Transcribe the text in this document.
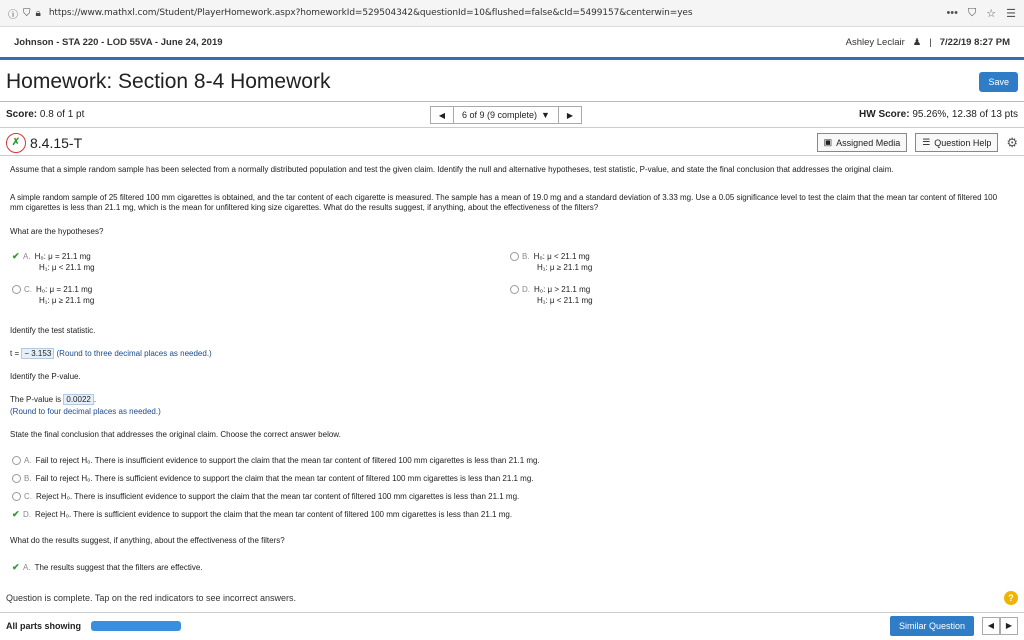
ⓘ ⛉ 🔒︎ https://www.mathxl.com/Student/PlayerHomework.aspx?homeworkId=529504342&questionId=10&flushed=false&cId=5499157&centerwin=yes	••• ⛉ ☆ ☰
Johnson - STA 220 - LOD 55VA - June 24, 2019	Ashley Leclair ♟ | 7/22/19 8:27 PM
Homework: Section 8-4 Homework	Save
Score:
0.8 of 1 pt	◀	6 of 9 (9 complete) ▼	▶	HW Score: 95.26%, 12.38 of 13 pts
✗ 8.4.15-T	▣ Assigned Media ☰ Question Help ⚙
Assume that a simple random sample has been selected from a normally distributed population and test the given claim. Identify the null and alternative hypotheses, test statistic, P-value, and state the final conclusion that addresses the original claim.
A simple random sample of 25 filtered 100 mm cigarettes is obtained, and the tar content of each cigarette is measured. The sample has a mean of 19.0 mg and a standard deviation of 3.33 mg. Use a 0.05 significance level to test the claim that the mean tar content of filtered 100 mm cigarettes is less than 21.1 mg, which is the mean for unfiltered king size cigarettes. What do the results suggest, if anything, about the effectiveness of the filters?
What are the hypotheses?
✔ A. H₀: μ = 21.1 mg
H₁: μ < 21.1 mg
B. H₀: μ < 21.1 mg
H₁: μ ≥ 21.1 mg
C. H₀: μ = 21.1 mg
H₁: μ ≥ 21.1 mg
D. H₀: μ > 21.1 mg
H₁: μ < 21.1 mg
Identify the test statistic.
t = − 3.153 (Round to three decimal places as needed.)
Identify the P-value.
The P-value is 0.0022 .
(Round to four decimal places as needed.)
State the final conclusion that addresses the original claim. Choose the correct answer below.
A. Fail to reject H₀. There is insufficient evidence to support the claim that the mean tar content of filtered 100 mm cigarettes is less than 21.1 mg.
B. Fail to reject H₀. There is sufficient evidence to support the claim that the mean tar content of filtered 100 mm cigarettes is less than 21.1 mg.
C. Reject H₀. There is insufficient evidence to support the claim that the mean tar content of filtered 100 mm cigarettes is less than 21.1 mg.
✔ D. Reject H₀. There is sufficient evidence to support the claim that the mean tar content of filtered 100 mm cigarettes is less than 21.1 mg.
What do the results suggest, if anything, about the effectiveness of the filters?
✔ A. The results suggest that the filters are effective.
Question is complete. Tap on the red indicators to see incorrect answers.	?
All parts showing	Similar Question	◀	▶
